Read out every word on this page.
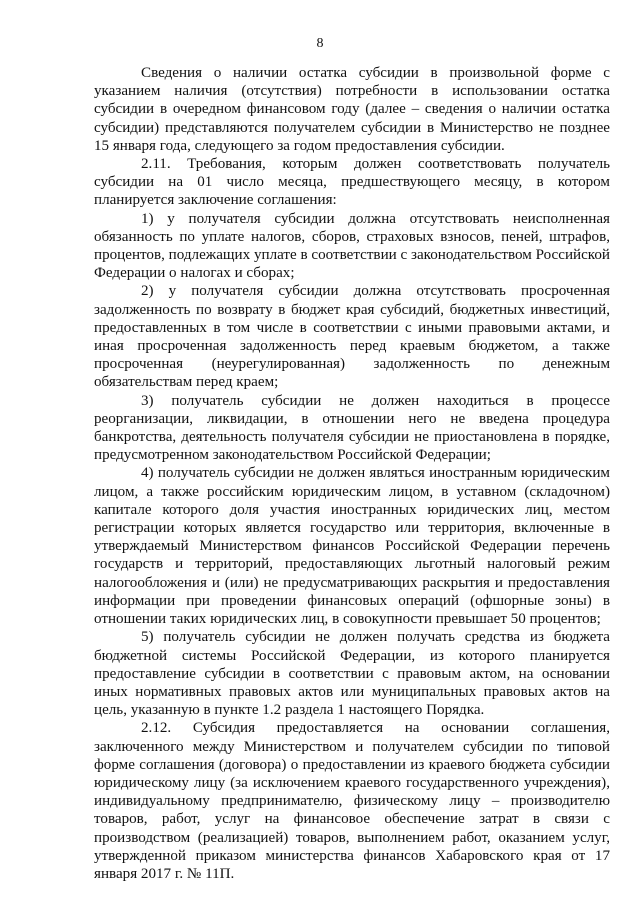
8

Сведения о наличии остатка субсидии в произвольной форме с указанием наличия (отсутствия) потребности в использовании остатка субсидии в очередном финансовом году (далее – сведения о наличии остатка субсидии) представляются получателем субсидии в Министерство не позднее 15 января года, следующего за годом предоставления субсидии.

2.11. Требования, которым должен соответствовать получатель субсидии на 01 число месяца, предшествующего месяцу, в котором планируется заключение соглашения:

1) у получателя субсидии должна отсутствовать неисполненная обязанность по уплате налогов, сборов, страховых взносов, пеней, штрафов, процентов, подлежащих уплате в соответствии с законодательством Российской Федерации о налогах и сборах;

2) у получателя субсидии должна отсутствовать просроченная задолженность по возврату в бюджет края субсидий, бюджетных инвестиций, предоставленных в том числе в соответствии с иными правовыми актами, и иная просроченная задолженность перед краевым бюджетом, а также просроченная (неурегулированная) задолженность по денежным обязательствам перед краем;

3) получатель субсидии не должен находиться в процессе реорганизации, ликвидации, в отношении него не введена процедура банкротства, деятельность получателя субсидии не приостановлена в порядке, предусмотренном законодательством Российской Федерации;

4) получатель субсидии не должен являться иностранным юридическим лицом, а также российским юридическим лицом, в уставном (складочном) капитале которого доля участия иностранных юридических лиц, местом регистрации которых является государство или территория, включенные в утверждаемый Министерством финансов Российской Федерации перечень государств и территорий, предоставляющих льготный налоговый режим налогообложения и (или) не предусматривающих раскрытия и предоставления информации при проведении финансовых операций (офшорные зоны) в отношении таких юридических лиц, в совокупности превышает 50 процентов;

5) получатель субсидии не должен получать средства из бюджета бюджетной системы Российской Федерации, из которого планируется предоставление субсидии в соответствии с правовым актом, на основании иных нормативных правовых актов или муниципальных правовых актов на цель, указанную в пункте 1.2 раздела 1 настоящего Порядка.

2.12. Субсидия предоставляется на основании соглашения, заключенного между Министерством и получателем субсидии по типовой форме соглашения (договора) о предоставлении из краевого бюджета субсидии юридическому лицу (за исключением краевого государственного учреждения), индивидуальному предпринимателю, физическому лицу – производителю товаров, работ, услуг на финансовое обеспечение затрат в связи с производством (реализацией) товаров, выполнением работ, оказанием услуг, утвержденной приказом министерства финансов Хабаровского края от 17 января 2017 г. № 11П.
